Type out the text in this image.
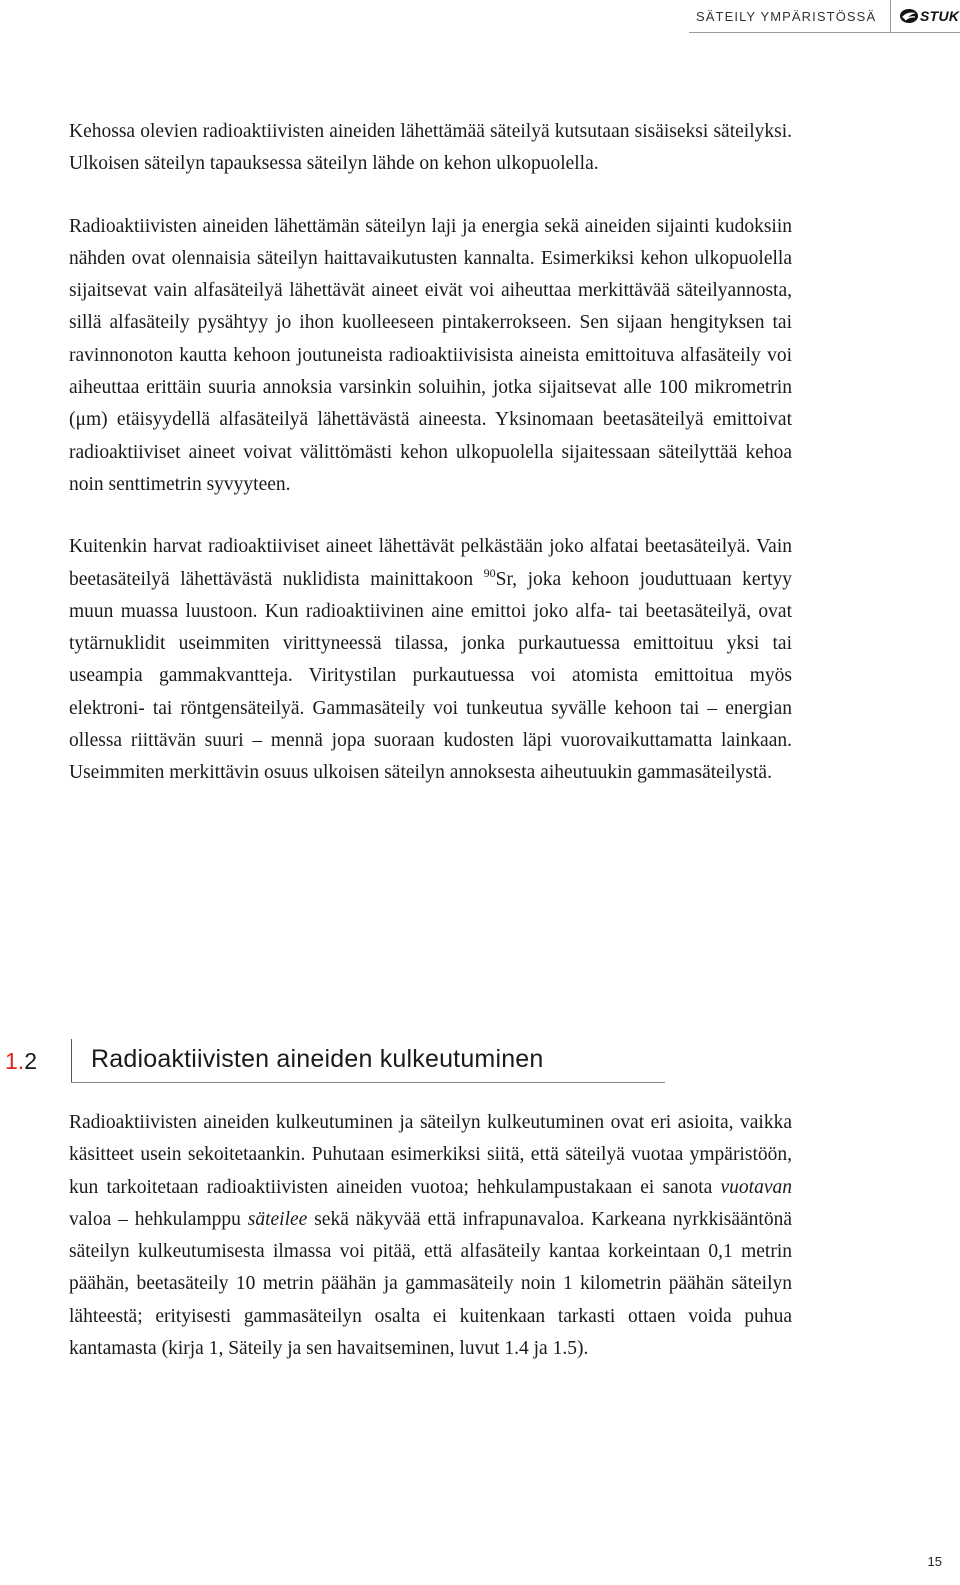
SÄTEILY YMPÄRISTÖSSÄ	STUK

Kehossa olevien radioaktiivisten aineiden lähettämää säteilyä kutsutaan sisäiseksi säteilyksi. Ulkoisen säteilyn tapauksessa säteilyn lähde on kehon ulkopuolella.

Radioaktiivisten aineiden lähettämän säteilyn laji ja energia sekä aineiden sijainti kudoksiin nähden ovat olennaisia säteilyn haittavaikutusten kannalta. Esimerkiksi kehon ulkopuolella sijaitsevat vain alfasäteilyä lähettävät aineet eivät voi aiheuttaa merkittävää säteilyannosta, sillä alfasäteily pysähtyy jo ihon kuolleeseen pintakerrokseen. Sen sijaan hengityksen tai ravinnonoton kautta kehoon joutuneista radioaktiivisista aineista emittoituva alfasäteily voi aiheuttaa erittäin suuria annoksia varsinkin soluihin, jotka sijaitsevat alle 100 mikrometrin (μm) etäisyydellä alfasäteilyä lähettävästä aineesta. Yksinomaan beetasäteilyä emittoivat radioaktiiviset aineet voivat välittömästi kehon ulkopuolella sijaitessaan säteilyttää kehoa noin senttimetrin syvyyteen.

Kuitenkin harvat radioaktiiviset aineet lähettävät pelkästään joko alfatai beetasäteilyä. Vain beetasäteilyä lähettävästä nuklidista mainittakoon $^{90}$Sr, joka kehoon jouduttuaan kertyy muun muassa luustoon. Kun radioaktiivinen aine emittoi joko alfa- tai beetasäteilyä, ovat tytärnuklidit useimmiten virittyneessä tilassa, jonka purkautuessa emittoituu yksi tai useampia gammakvantteja. Viritystilan purkautuessa voi atomista emittoitua myös elektroni- tai röntgensäteilyä. Gammasäteily voi tunkeutua syvälle kehoon tai – energian ollessa riittävän suuri – mennä jopa suoraan kudosten läpi vuorovaikuttamatta lainkaan. Useimmiten merkittävin osuus ulkoisen säteilyn annoksesta aiheutuukin gammasäteilystä.

1.2 Radioaktiivisten aineiden kulkeutuminen

Radioaktiivisten aineiden kulkeutuminen ja säteilyn kulkeutuminen ovat eri asioita, vaikka käsitteet usein sekoitetaankin. Puhutaan esimerkiksi siitä, että säteilyä vuotaa ympäristöön, kun tarkoitetaan radioaktiivisten aineiden vuotoa; hehkulampustakaan ei sanota vuotavan valoa – hehkulamppu säteilee sekä näkyvää että infrapunavaloa. Karkeana nyrkkisääntönä säteilyn kulkeutumisesta ilmassa voi pitää, että alfasäteily kantaa korkeintaan 0,1 metrin päähän, beetasäteily 10 metrin päähän ja gammasäteily noin 1 kilometrin päähän säteilyn lähteestä; erityisesti gammasäteilyn osalta ei kuitenkaan tarkasti ottaen voida puhua kantamasta (kirja 1, Säteily ja sen havaitseminen, luvut 1.4 ja 1.5).

15
